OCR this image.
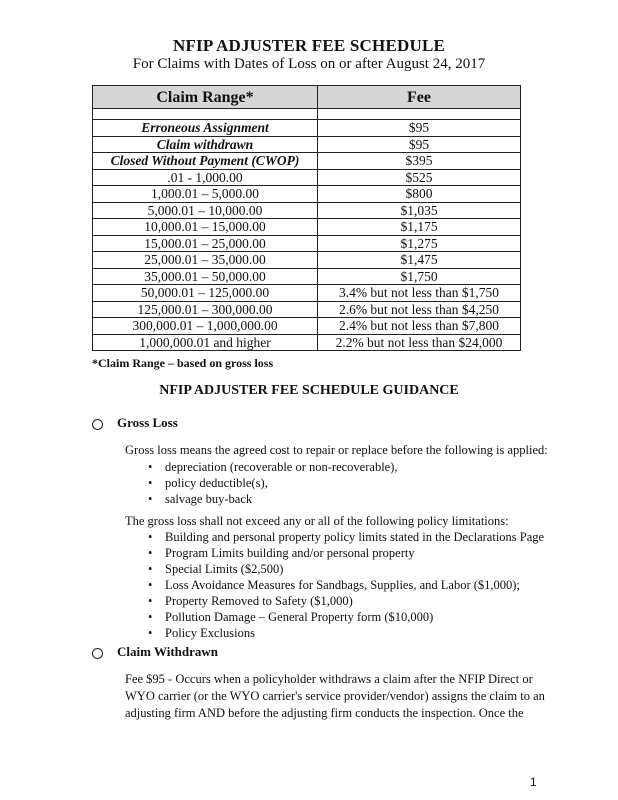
NFIP ADJUSTER FEE SCHEDULE
For Claims with Dates of Loss on or after August 24, 2017
Claim Range*	Fee

Erroneous Assignment	$95
Claim withdrawn	$95
Closed Without Payment (CWOP)	$395
.01 - 1,000.00	$525
1,000.01 – 5,000.00	$800
5,000.01 – 10,000.00	$1,035
10,000.01 – 15,000.00	$1,175
15,000.01 – 25,000.00	$1,275
25,000.01 – 35,000.00	$1,475
35,000.01 – 50,000.00	$1,750
50,000.01 – 125,000.00	3.4% but not less than $1,750
125,000.01 – 300,000.00	2.6% but not less than $4,250
300,000.01 – 1,000,000.00	2.4% but not less than $7,800
1,000,000.01 and higher	2.2% but not less than $24,000
*Claim Range – based on gross loss
NFIP ADJUSTER FEE SCHEDULE GUIDANCE
Gross Loss
Gross loss means the agreed cost to repair or replace before the following is applied:
• depreciation (recoverable or non-recoverable),
• policy deductible(s),
• salvage buy-back
The gross loss shall not exceed any or all of the following policy limitations:
• Building and personal property policy limits stated in the Declarations Page
• Program Limits building and/or personal property
• Special Limits ($2,500)
• Loss Avoidance Measures for Sandbags, Supplies, and Labor ($1,000);
• Property Removed to Safety ($1,000)
• Pollution Damage – General Property form ($10,000)
• Policy Exclusions
Claim Withdrawn
Fee $95 - Occurs when a policyholder withdraws a claim after the NFIP Direct or WYO carrier (or the WYO carrier's service provider/vendor) assigns the claim to an adjusting firm AND before the adjusting firm conducts the inspection. Once the
1
